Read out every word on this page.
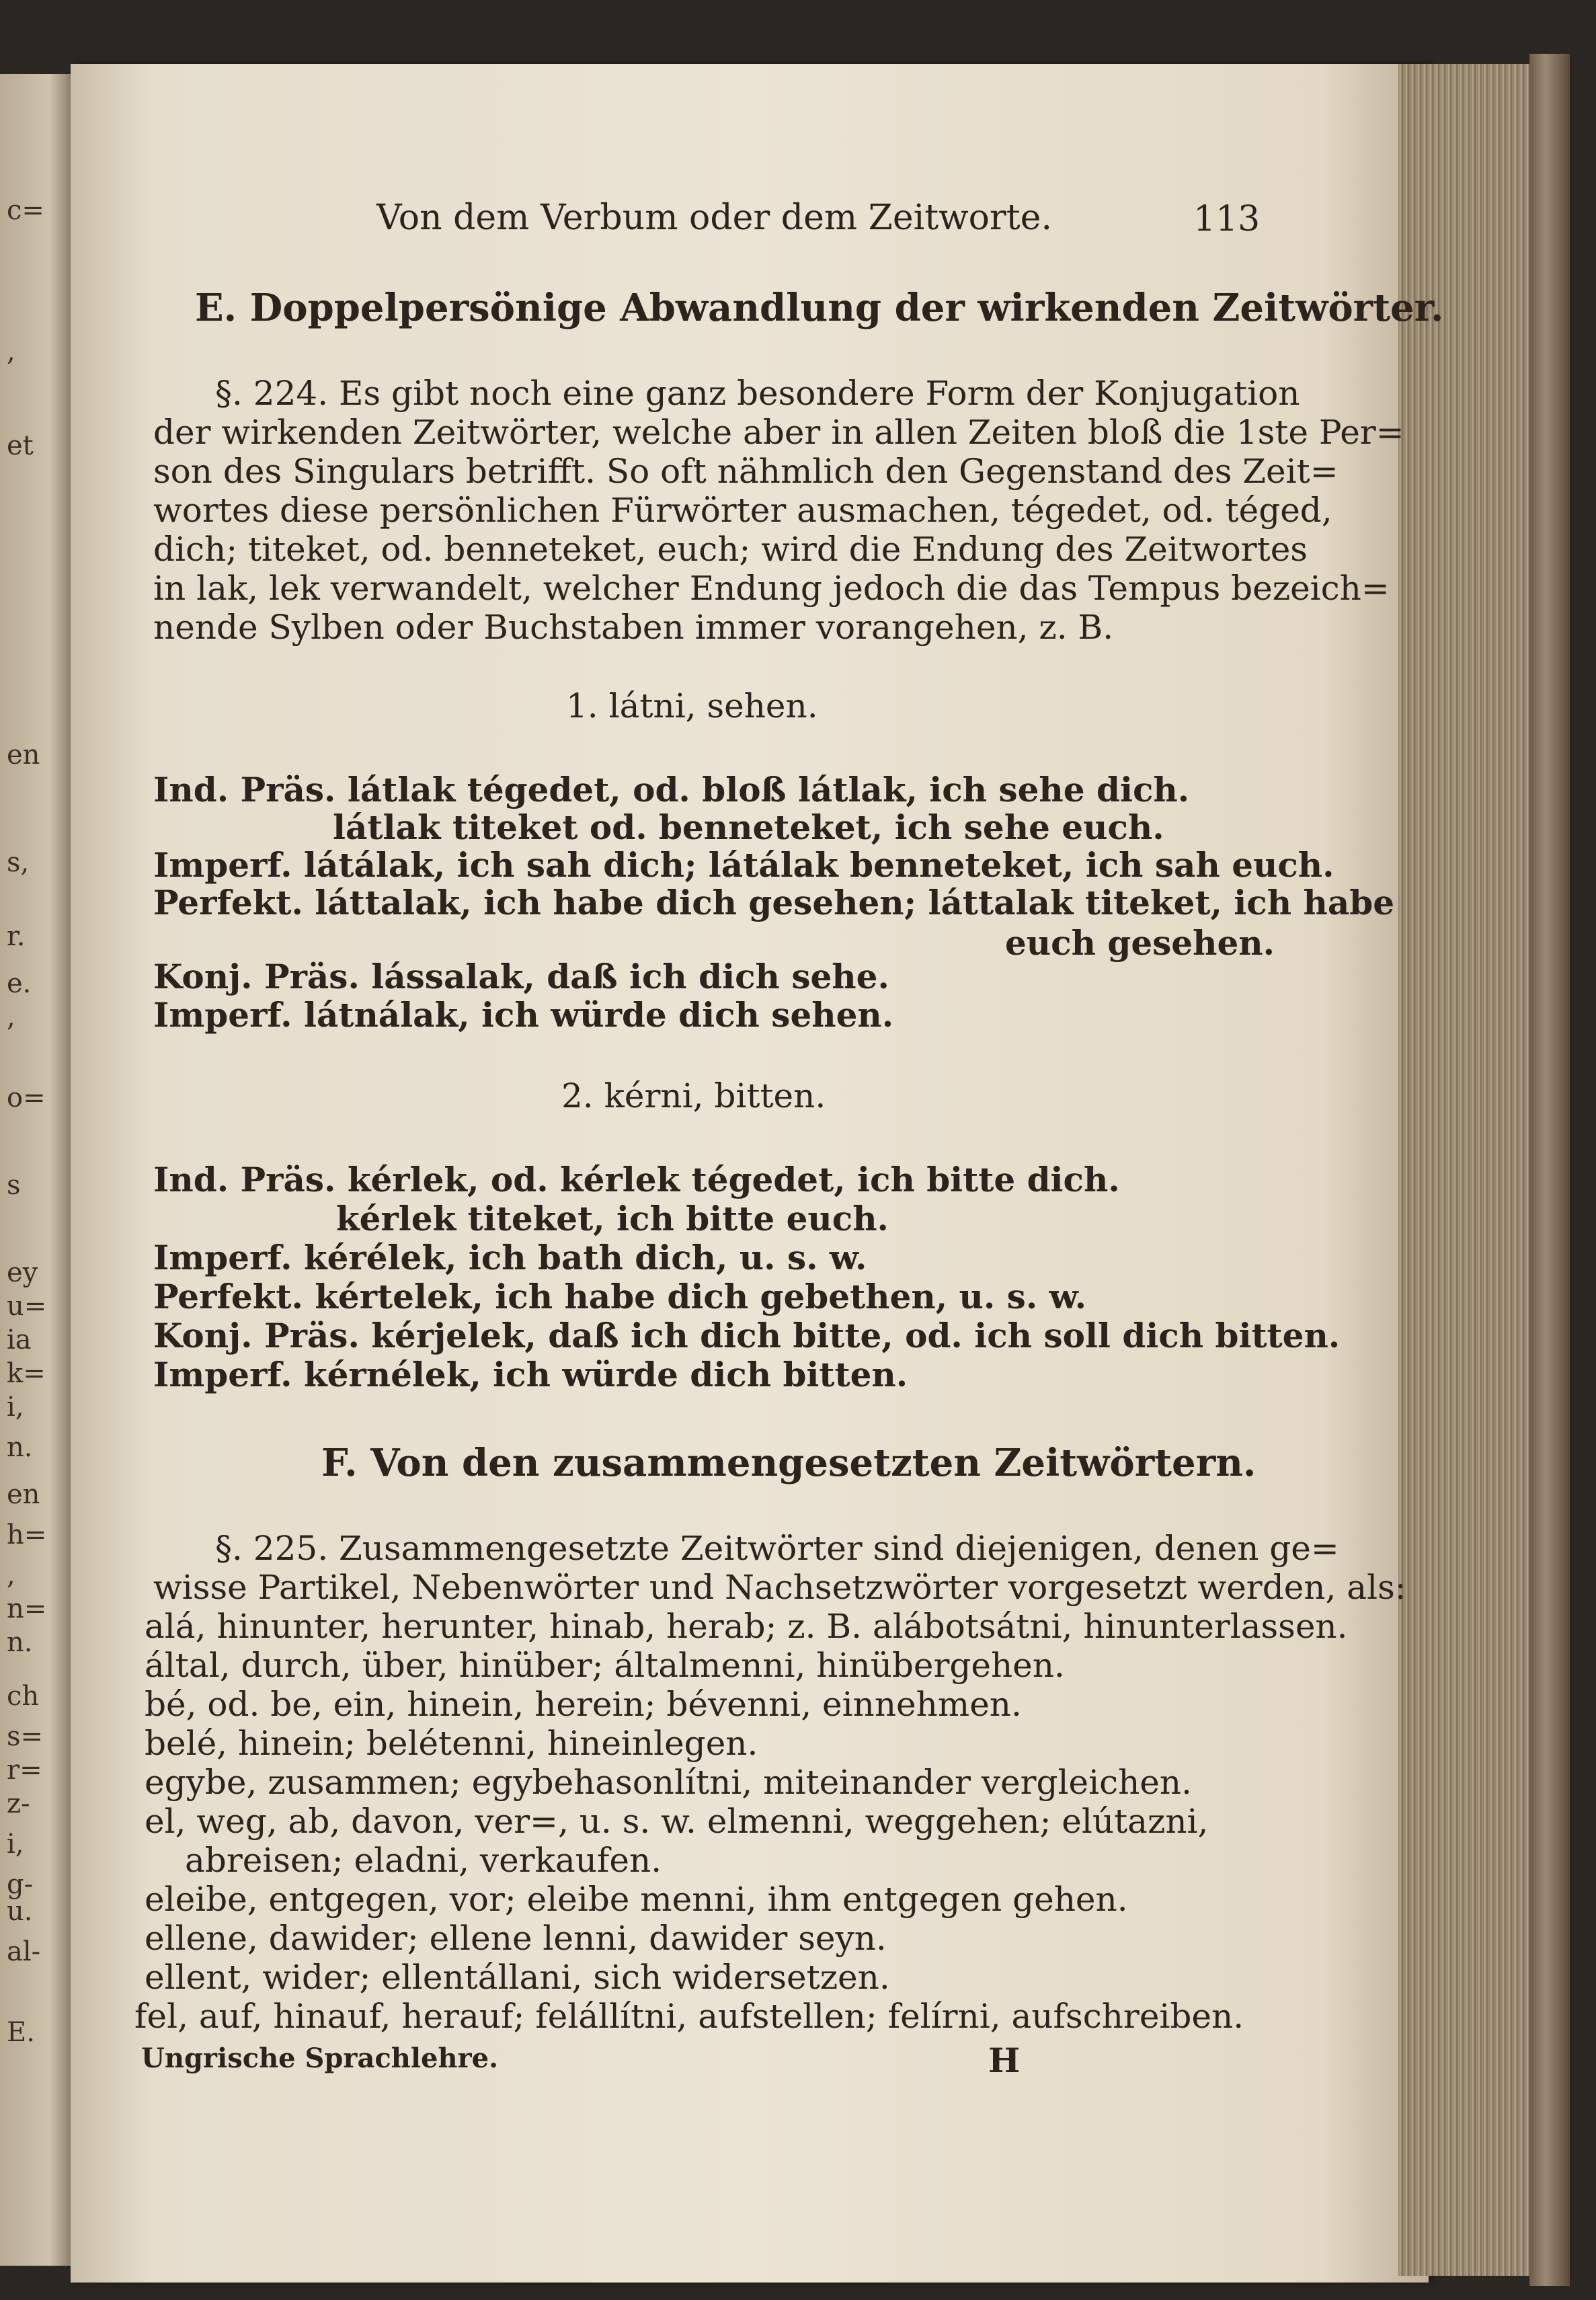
c=
,
et
en
s,
r.
e.
,
o=
s
ey
u=
ia
k=
i,
n.
en
h=
,
n=
n.
ch
s=
r=
z-
i,
g-
u.
al-
E.
Von dem Verbum oder dem Zeitworte.	113
E. Doppelpersönige Abwandlung der wirkenden Zeitwörter.
§. 224. Es gibt noch eine ganz besondere Form der Konjugation
der wirkenden Zeitwörter, welche aber in allen Zeiten bloß die 1ste Per=
son des Singulars betrifft. So oft nähmlich den Gegenstand des Zeit=
wortes diese persönlichen Fürwörter ausmachen, tégedet, od. téged,
dich; titeket, od. benneteket, euch; wird die Endung des Zeitwortes
in lak, lek verwandelt, welcher Endung jedoch die das Tempus bezeich=
nende Sylben oder Buchstaben immer vorangehen, z. B.
1. látni, sehen.
Ind. Präs. látlak tégedet, od. bloß látlak, ich sehe dich.
látlak titeket od. benneteket, ich sehe euch.
Imperf. látálak, ich sah dich; látálak benneteket, ich sah euch.
Perfekt. láttalak, ich habe dich gesehen; láttalak titeket, ich habe
euch gesehen.
Konj. Präs. lássalak, daß ich dich sehe.
Imperf. látnálak, ich würde dich sehen.
2. kérni, bitten.
Ind. Präs. kérlek, od. kérlek tégedet, ich bitte dich.
kérlek titeket, ich bitte euch.
Imperf. kérélek, ich bath dich, u. s. w.
Perfekt. kértelek, ich habe dich gebethen, u. s. w.
Konj. Präs. kérjelek, daß ich dich bitte, od. ich soll dich bitten.
Imperf. kérnélek, ich würde dich bitten.
F. Von den zusammengesetzten Zeitwörtern.
§. 225. Zusammengesetzte Zeitwörter sind diejenigen, denen ge=
wisse Partikel, Nebenwörter und Nachsetzwörter vorgesetzt werden, als:
alá, hinunter, herunter, hinab, herab; z. B. alábotsátni, hinunterlassen.
által, durch, über, hinüber; általmenni, hinübergehen.
bé, od. be, ein, hinein, herein; bévenni, einnehmen.
belé, hinein; belétenni, hineinlegen.
egybe, zusammen; egybehasonlítni, miteinander vergleichen.
el, weg, ab, davon, ver=, u. s. w. elmenni, weggehen; elútazni,
abreisen; eladni, verkaufen.
eleibe, entgegen, vor; eleibe menni, ihm entgegen gehen.
ellene, dawider; ellene lenni, dawider seyn.
ellent, wider; ellentállani, sich widersetzen.
fel, auf, hinauf, herauf; felállítni, aufstellen; felírni, aufschreiben.
Ungrische Sprachlehre.	H
